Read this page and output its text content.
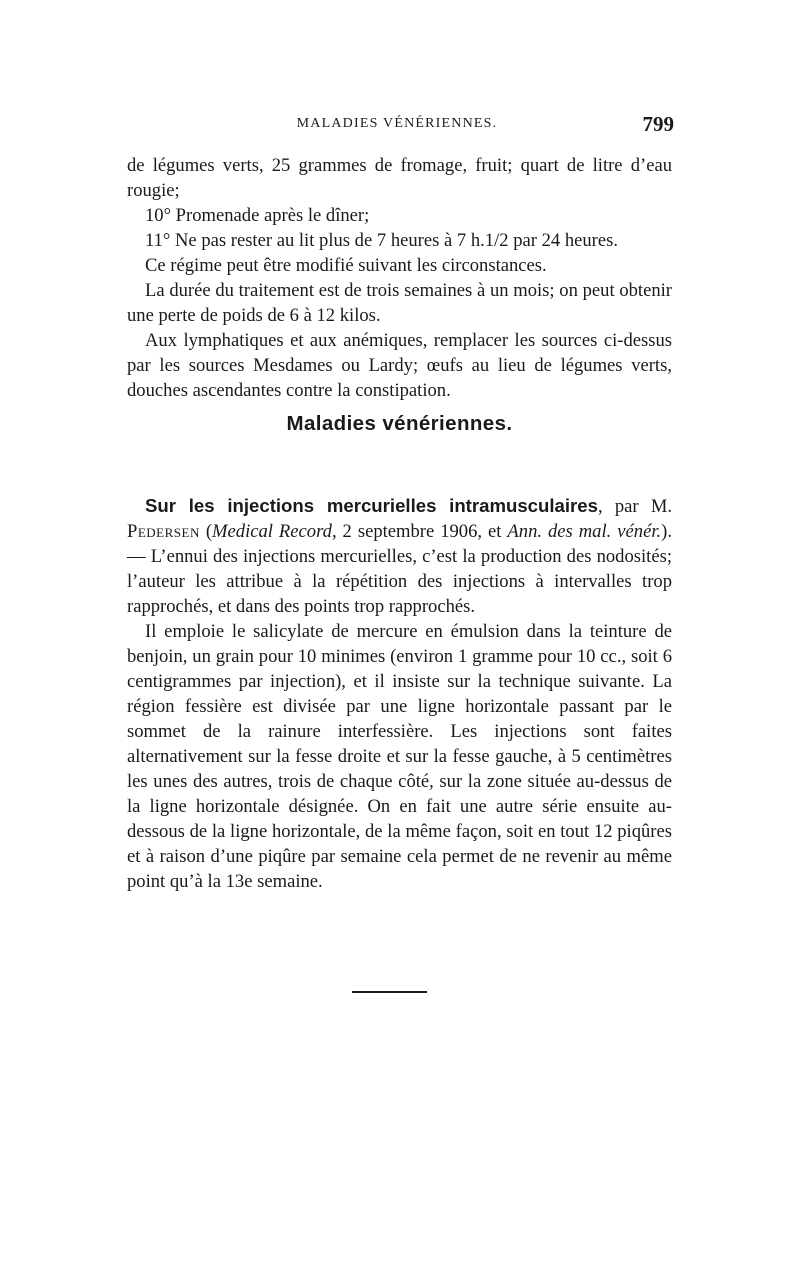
MALADIES VÉNÉRIENNES.	799

de légumes verts, 25 grammes de fromage, fruit; quart de litre d’eau rougie;

10° Promenade après le dîner;

11° Ne pas rester au lit plus de 7 heures à 7 h.1/2 par 24 heures.

Ce régime peut être modifié suivant les circonstances.

La durée du traitement est de trois semaines à un mois; on peut obtenir une perte de poids de 6 à 12 kilos.

Aux lymphatiques et aux anémiques, remplacer les sources ci-dessus par les sources Mesdames ou Lardy; œufs au lieu de légumes verts, douches ascendantes contre la constipation.

Maladies vénériennes.

Sur les injections mercurielles intramusculaires, par M. Pedersen (Medical Record, 2 septembre 1906, et Ann. des mal. vénér.). — L’ennui des injections mercurielles, c’est la production des nodosités; l’auteur les attribue à la répétition des injections à intervalles trop rapprochés, et dans des points trop rapprochés.

Il emploie le salicylate de mercure en émulsion dans la teinture de benjoin, un grain pour 10 minimes (environ 1 gramme pour 10 cc., soit 6 centigrammes par injection), et il insiste sur la technique suivante. La région fessière est divisée par une ligne horizontale passant par le sommet de la rainure interfessière. Les injections sont faites alternativement sur la fesse droite et sur la fesse gauche, à 5 centimètres les unes des autres, trois de chaque côté, sur la zone située au-dessus de la ligne horizontale désignée. On en fait une autre série ensuite au-dessous de la ligne horizontale, de la même façon, soit en tout 12 piqûres et à raison d’une piqûre par semaine cela permet de ne revenir au même point qu’à la 13e semaine.
